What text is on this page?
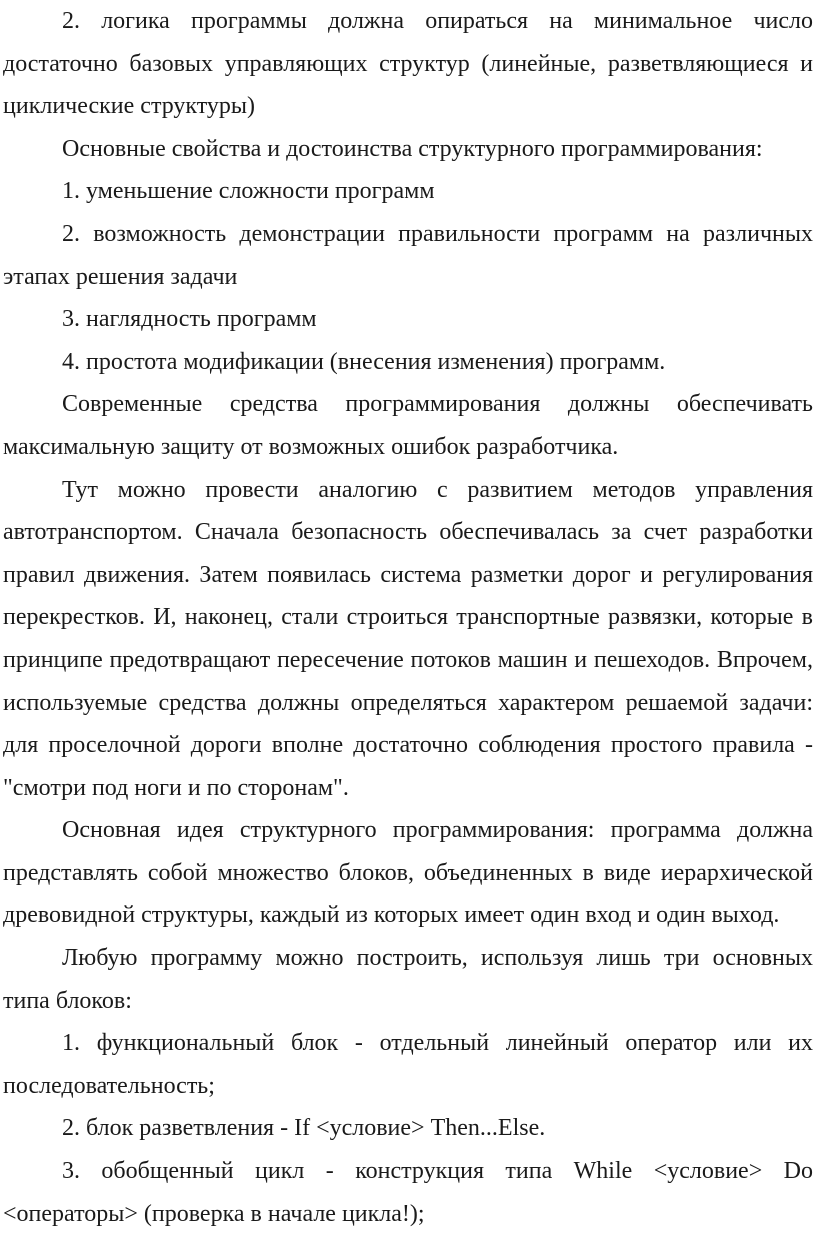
2. логика программы должна опираться на минимальное число достаточно базовых управляющих структур (линейные, разветвляющиеся и циклические структуры)

Основные свойства и достоинства структурного программирования:

1. уменьшение сложности программ

2. возможность демонстрации правильности программ на различных этапах решения задачи

3. наглядность программ

4. простота модификации (внесения изменения) программ.

Современные средства программирования должны обеспечивать максимальную защиту от возможных ошибок разработчика.

Тут можно провести аналогию с развитием методов управления автотранспортом. Сначала безопасность обеспечивалась за счет разработки правил движения. Затем появилась система разметки дорог и регулирования перекрестков. И, наконец, стали строиться транспортные развязки, которые в принципе предотвращают пересечение потоков машин и пешеходов. Впрочем, используемые средства должны определяться характером решаемой задачи: для проселочной дороги вполне достаточно соблюдения простого правила - "смотри под ноги и по сторонам".

Основная идея структурного программирования: программа должна представлять собой множество блоков, объединенных в виде иерархической древовидной структуры, каждый из которых имеет один вход и один выход.

Любую программу можно построить, используя лишь три основных типа блоков:

1. функциональный блок - отдельный линейный оператор или их последовательность;

2. блок разветвления - If <условие> Then...Else.

3. обобщенный цикл - конструкция типа While <условие> Do <операторы> (проверка в начале цикла!);
